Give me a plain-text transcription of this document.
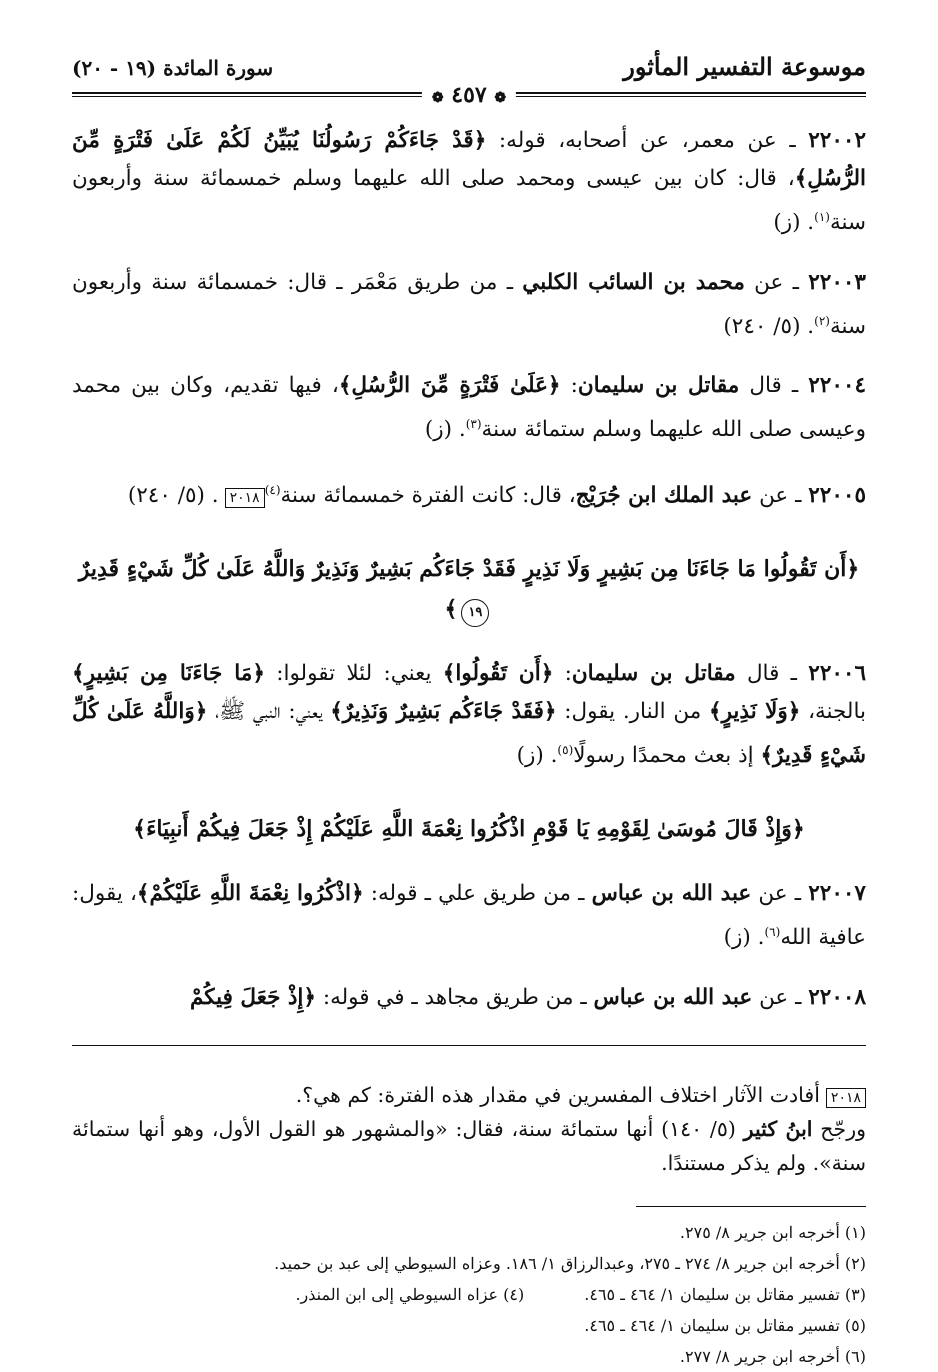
موسوعة التفسير المأثور
سورة المائدة (١٩ - ٢٠)
❁ ٤٥٧ ❁

٢٢٠٠٢ ـ عن معمر، عن أصحابه، قوله: ﴿قَدْ جَاءَكُمْ رَسُولُنَا يُبَيِّنُ لَكُمْ عَلَىٰ فَتْرَةٍ مِّنَ الرُّسُلِ﴾، قال: كان بين عيسى ومحمد صلى الله عليهما وسلم خمسمائة سنة وأربعون سنة$^{(١)}$. (ز)

٢٢٠٠٣ ـ عن محمد بن السائب الكلبي ـ من طريق مَعْمَر ـ قال: خمسمائة سنة وأربعون سنة$^{(٢)}$. (٥/ ٢٤٠)

٢٢٠٠٤ ـ قال مقاتل بن سليمان: ﴿عَلَىٰ فَتْرَةٍ مِّنَ الرُّسُلِ﴾، فيها تقديم، وكان بين محمد وعيسى صلى الله عليهما وسلم ستمائة سنة$^{(٣)}$. (ز)

٢٢٠٠٥ ـ عن عبد الملك ابن جُرَيْج، قال: كانت الفترة خمسمائة سنة$^{(٤)}$٢٠١٨. (٥/ ٢٤٠)

﴿أَن تَقُولُوا مَا جَاءَنَا مِن بَشِيرٍ وَلَا نَذِيرٍ فَقَدْ جَاءَكُم بَشِيرٌ وَنَذِيرٌ وَاللَّهُ عَلَىٰ كُلِّ شَيْءٍ قَدِيرٌ ١٩﴾

٢٢٠٠٦ ـ قال مقاتل بن سليمان: ﴿أَن تَقُولُوا﴾ يعني: لئلا تقولوا: ﴿مَا جَاءَنَا مِن بَشِيرٍ﴾ بالجنة، ﴿وَلَا نَذِيرٍ﴾ من النار. يقول: ﴿فَقَدْ جَاءَكُم بَشِيرٌ وَنَذِيرٌ﴾ يعني: النبي ﷺ، ﴿وَاللَّهُ عَلَىٰ كُلِّ شَيْءٍ قَدِيرٌ﴾ إذ بعث محمدًا رسولًا$^{(٥)}$. (ز)

﴿وَإِذْ قَالَ مُوسَىٰ لِقَوْمِهِ يَا قَوْمِ اذْكُرُوا نِعْمَةَ اللَّهِ عَلَيْكُمْ إِذْ جَعَلَ فِيكُمْ أَنبِيَاءَ﴾

٢٢٠٠٧ ـ عن عبد الله بن عباس ـ من طريق علي ـ قوله: ﴿اذْكُرُوا نِعْمَةَ اللَّهِ عَلَيْكُمْ﴾، يقول: عافية الله$^{(٦)}$. (ز)

٢٢٠٠٨ ـ عن عبد الله بن عباس ـ من طريق مجاهد ـ في قوله: ﴿إِذْ جَعَلَ فِيكُمْ

٢٠١٨أفادت الآثار اختلاف المفسرين في مقدار هذه الفترة: كم هي؟.
ورجّح ابنُ كثير (٥/ ١٤٠) أنها ستمائة سنة، فقال: «والمشهور هو القول الأول، وهو أنها ستمائة سنة». ولم يذكر مستندًا.

(١) أخرجه ابن جرير ٨/ ٢٧٥.
(٢) أخرجه ابن جرير ٨/ ٢٧٤ ـ ٢٧٥، وعبدالرزاق ١/ ١٨٦. وعزاه السيوطي إلى عبد بن حميد.
(٣) تفسير مقاتل بن سليمان ١/ ٤٦٤ ـ ٤٦٥.
(٤) عزاه السيوطي إلى ابن المنذر.
(٥) تفسير مقاتل بن سليمان ١/ ٤٦٤ ـ ٤٦٥.
(٦) أخرجه ابن جرير ٨/ ٢٧٧.
